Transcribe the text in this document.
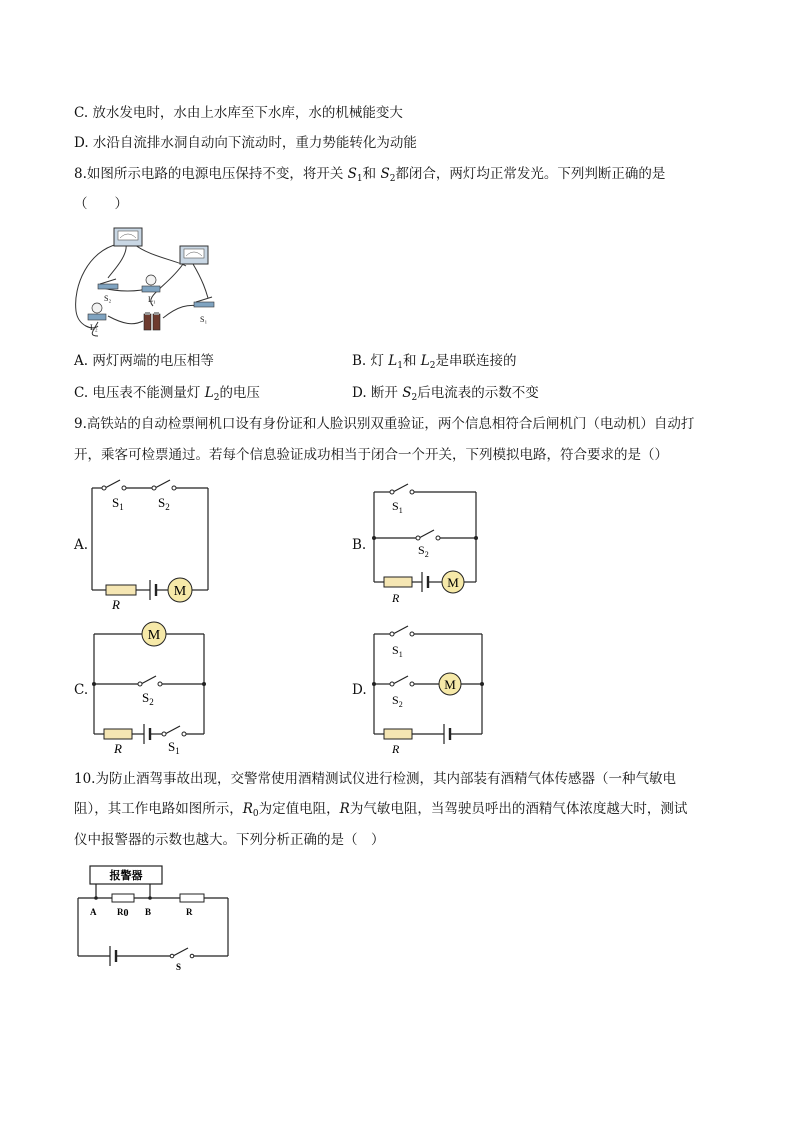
C. 放水发电时，水由上水库至下水库，水的机械能变大
D. 水沿自流排水洞自动向下流动时，重力势能转化为动能
8.如图所示电路的电源电压保持不变，将开关 $S_1$和 $S_2$都闭合，两灯均正常发光。下列判断正确的是
（　　）
S₂	L₁
L₂
S₁
A. 两灯两端的电压相等	B. 灯 $L_1$和 $L_2$是串联连接的
C. 电压表不能测量灯 $L_2$的电压	D. 断开 $S_2$后电流表的示数不变
9.高铁站的自动检票闸机口设有身份证和人脸识别双重验证，两个信息相符合后闸机门（电动机）自动打
开，乘客可检票通过。若每个信息验证成功相当于闭合一个开关，下列模拟电路，符合要求的是（）
A.	B.
C.	D.
$S_1$	$S_2$
M
R
$S_1$
$S_2$
M
R
M
$S_2$
R	$S_1$
$S_1$
$S_2$
M
R
10.为防止酒驾事故出现，交警常使用酒精测试仪进行检测，其内部装有酒精气体传感器（一种气敏电
阻），其工作电路如图所示，$R_0$为定值电阻，R为气敏电阻，当驾驶员呼出的酒精气体浓度越大时，测试
仪中报警器的示数也越大。下列分析正确的是（　）
报警器
A R0 B	R
S
